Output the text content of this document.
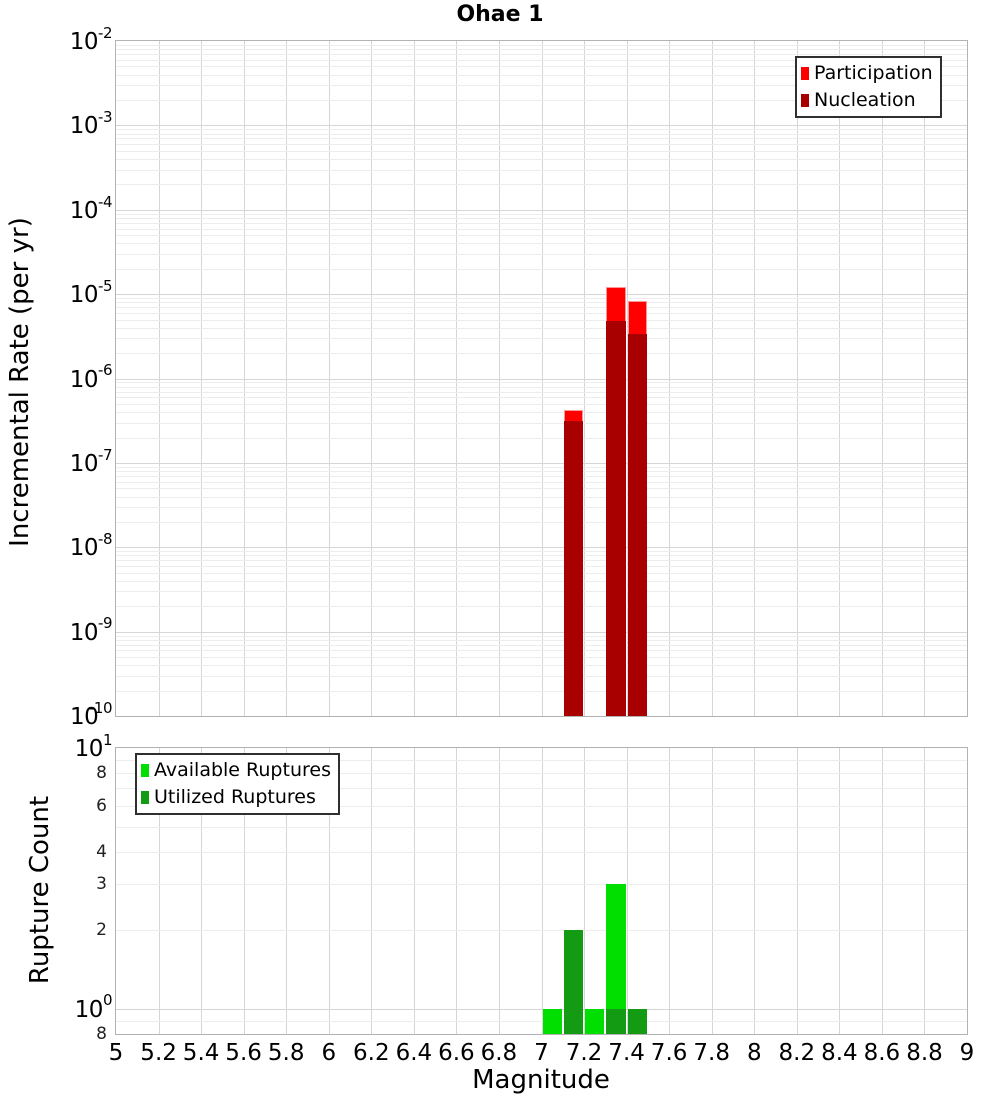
Ohae 1
Incremental Rate (per yr)
Rupture Count
Magnitude
Participation
Nucleation
Available Ruptures
Utilized Ruptures
$10^{-2}$
$10^{-3}$
$10^{-4}$
$10^{-5}$
$10^{-6}$
$10^{-7}$
$10^{-8}$
$10^{-9}$
$10^{-10}$
$10^1$
$10^0$
8
6
4
3
2
8
5 5.2 5.4 5.6 5.8 6 6.2 6.4 6.6 6.8 7 7.2 7.4 7.6 7.8 8 8.2 8.4 8.6 8.8 9
